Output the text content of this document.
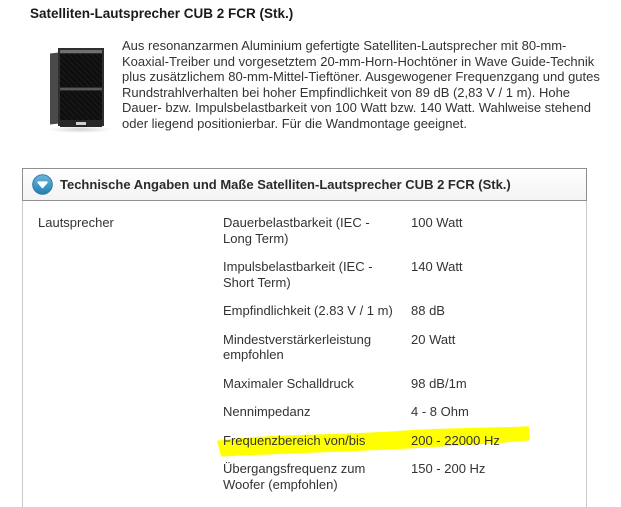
Satelliten-Lautsprecher CUB 2 FCR (Stk.)
Aus resonanzarmen Aluminium gefertigte Satelliten-Lautsprecher mit 80-mm-Koaxial-Treiber und vorgesetztem 20-mm-Horn-Hochtöner in Wave Guide-Technik plus zusätzlichem 80-mm-Mittel-Tieftöner. Ausgewogener Frequenzgang und gutes Rundstrahlverhalten bei hoher Empfindlichkeit von 89 dB (2,83 V / 1 m). Hohe Dauer- bzw. Impulsbelastbarkeit von 100 Watt bzw. 140 Watt. Wahlweise stehend oder liegend positionierbar. Für die Wandmontage geeignet.
Technische Angaben und Maße Satelliten-Lautsprecher CUB 2 FCR (Stk.)
Lautsprecher	Dauerbelastbarkeit (IEC - Long Term)
100 Watt
Impulsbelastbarkeit (IEC - Short Term)
140 Watt
Empfindlichkeit (2.83 V / 1 m)	88 dB
Mindestverstärkerleistung empfohlen
20 Watt
Maximaler Schalldruck	98 dB/1m
Nennimpedanz	4 - 8 Ohm
Frequenzbereich von/bis	200 - 22000 Hz
Übergangsfrequenz zum Woofer (empfohlen)
150 - 200 Hz
